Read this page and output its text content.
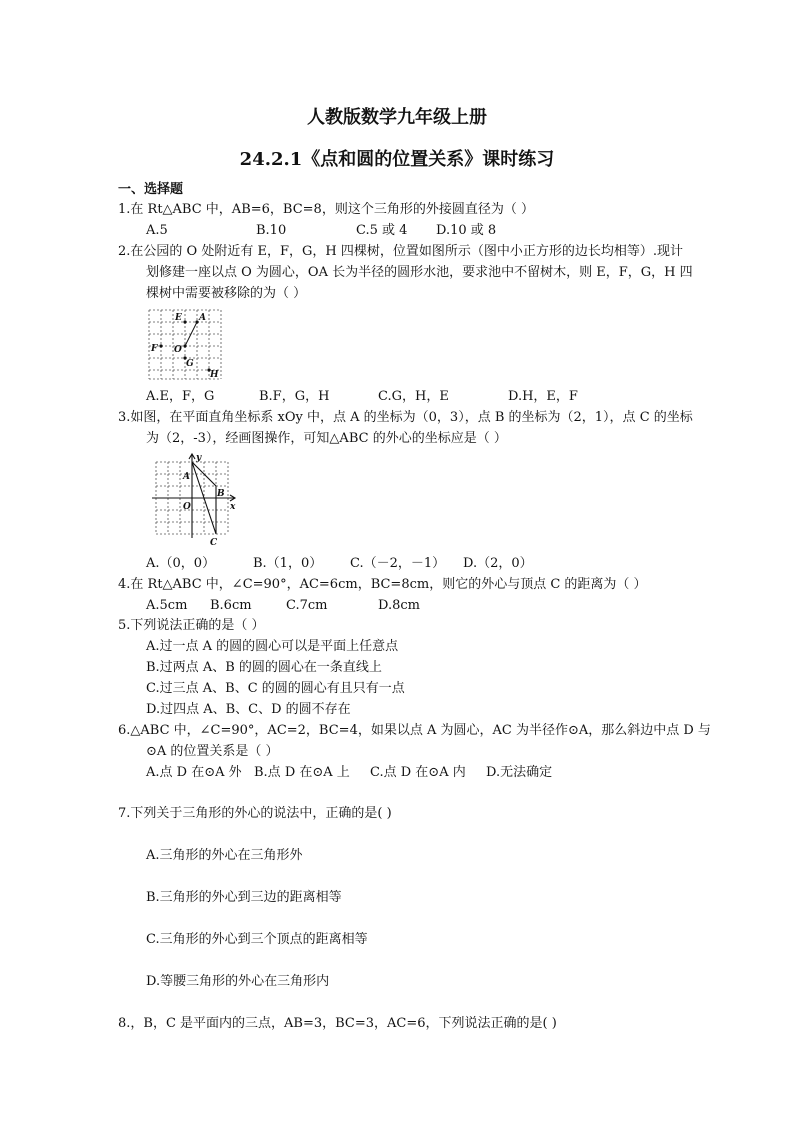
人教版数学九年级上册
24.2.1《点和圆的位置关系》课时练习
一、选择题
1.在 Rt△ABC 中，AB=6，BC=8，则这个三角形的外接圆直径为（ ）
A.5	B.10	C.5 或 4 D.10 或 8
2.在公园的 O 处附近有 E，F，G，H 四棵树，位置如图所示（图中小正方形的边长均相等）.现计
划修建一座以点 O 为圆心，OA 长为半径的圆形水池，要求池中不留树木，则 E，F，G，H 四
棵树中需要被移除的为（ ）
E A
F O
G
H
A.E，F，G	B.F，G，H	C.G，H，E	D.H，E，F
3.如图，在平面直角坐标系 xOy 中，点 A 的坐标为（0，3），点 B 的坐标为（2，1），点 C 的坐标
为（2，-3），经画图操作，可知△ABC 的外心的坐标应是（ ）
y
A
B
O	x
C
A.（0，0）	B.（1，0） C.（－2，－1） D.（2，0）
4.在 Rt△ABC 中，∠C=90°，AC=6cm，BC=8cm，则它的外心与顶点 C 的距离为（ ）
A.5cm B.6cm	C.7cm	D.8cm
5.下列说法正确的是（ ）
A.过一点 A 的圆的圆心可以是平面上任意点
B.过两点 A、B 的圆的圆心在一条直线上
C.过三点 A、B、C 的圆的圆心有且只有一点
D.过四点 A、B、C、D 的圆不存在
6.△ABC 中，∠C=90°，AC=2，BC=4，如果以点 A 为圆心，AC 为半径作⊙A，那么斜边中点 D 与
⊙A 的位置关系是（ ）
A.点 D 在⊙A 外 B.点 D 在⊙A 上 C.点 D 在⊙A 内 D.无法确定
7.下列关于三角形的外心的说法中，正确的是( )
A.三角形的外心在三角形外
B.三角形的外心到三边的距离相等
C.三角形的外心到三个顶点的距离相等
D.等腰三角形的外心在三角形内
8.，B，C 是平面内的三点，AB=3，BC=3，AC=6，下列说法正确的是( )
